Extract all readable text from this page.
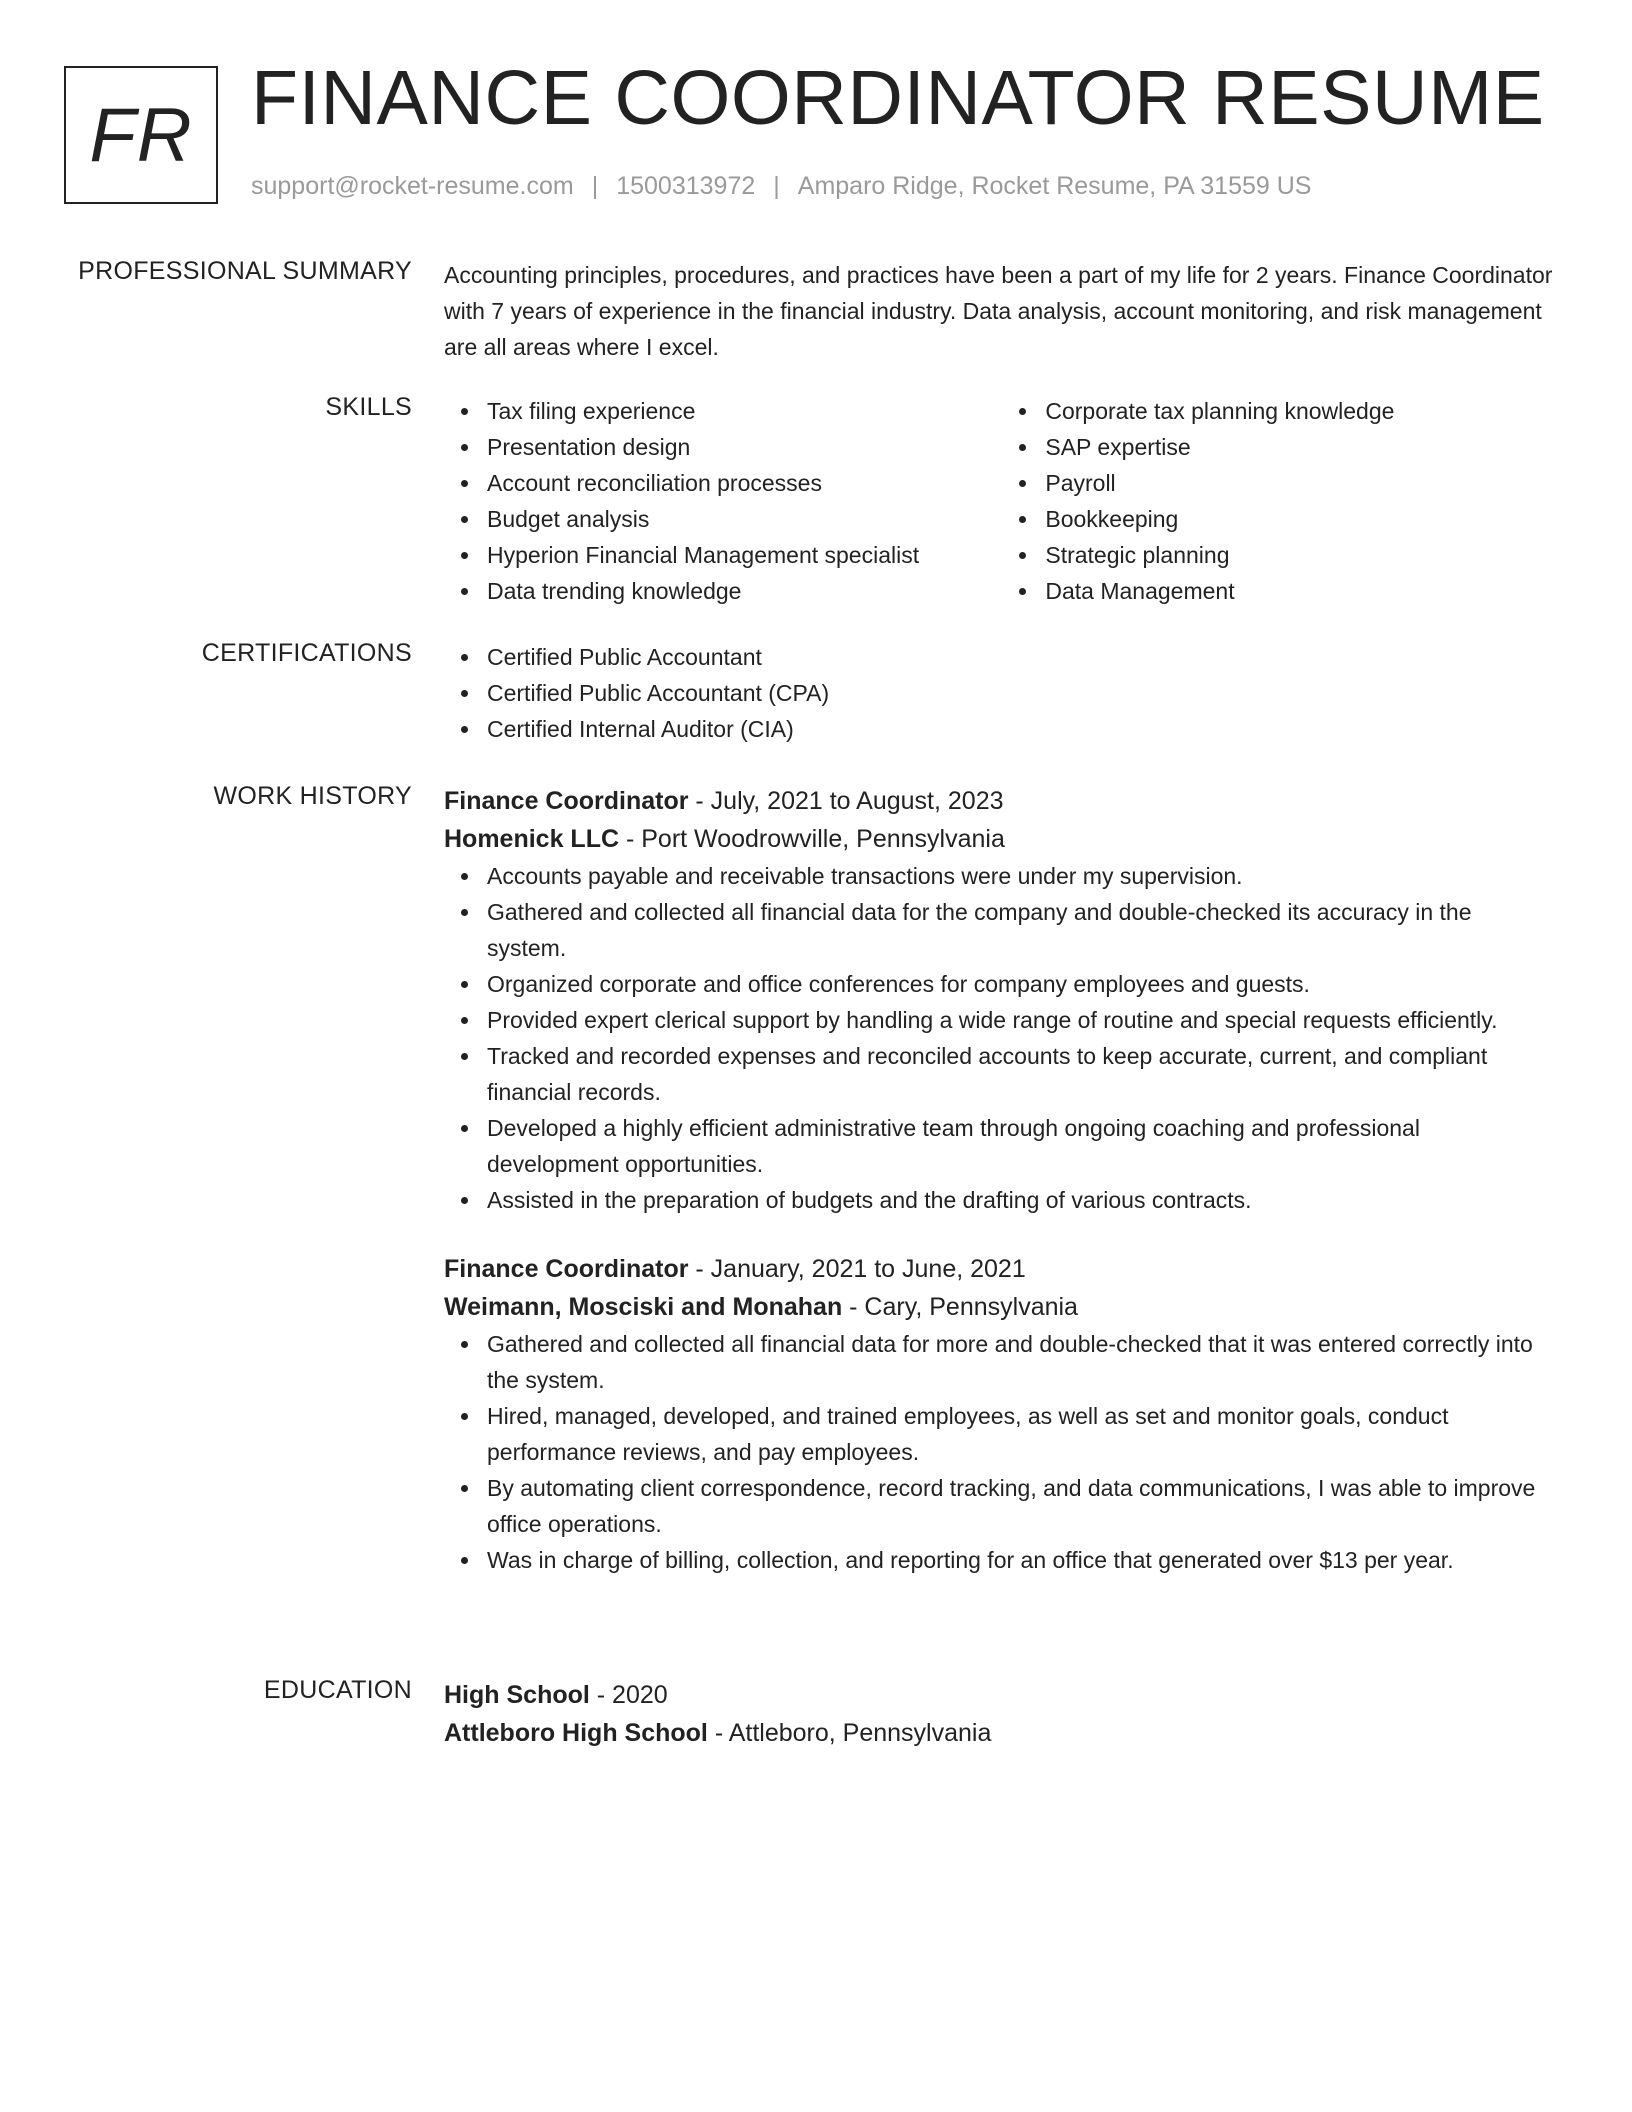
FR FINANCE COORDINATOR RESUME
support@rocket-resume.com | 1500313972 | Amparo Ridge, Rocket Resume, PA 31559 US
PROFESSIONAL SUMMARY Accounting principles, procedures, and practices have been a part of my life for 2 years. Finance Coordinator with 7 years of experience in the financial industry. Data analysis, account monitoring, and risk management are all areas where I excel.
SKILLS	Tax filing experience
Presentation design
Account reconciliation processes
Budget analysis
Hyperion Financial Management specialist
Data trending knowledge
Corporate tax planning knowledge
SAP expertise
Payroll
Bookkeeping
Strategic planning
Data Management
CERTIFICATIONS	Certified Public Accountant
Certified Public Accountant (CPA)
Certified Internal Auditor (CIA)
WORK HISTORY Finance Coordinator - July, 2021 to August, 2023
Homenick LLC - Port Woodrowville, Pennsylvania
Accounts payable and receivable transactions were under my supervision.
Gathered and collected all financial data for the company and double-checked its accuracy in the system.
Organized corporate and office conferences for company employees and guests.
Provided expert clerical support by handling a wide range of routine and special requests efficiently.
Tracked and recorded expenses and reconciled accounts to keep accurate, current, and compliant financial records.
Developed a highly efficient administrative team through ongoing coaching and professional development opportunities.
Assisted in the preparation of budgets and the drafting of various contracts.
Finance Coordinator - January, 2021 to June, 2021
Weimann, Mosciski and Monahan - Cary, Pennsylvania
Gathered and collected all financial data for more and double-checked that it was entered correctly into the system.
Hired, managed, developed, and trained employees, as well as set and monitor goals, conduct performance reviews, and pay employees.
By automating client correspondence, record tracking, and data communications, I was able to improve office operations.
Was in charge of billing, collection, and reporting for an office that generated over $13 per year.
EDUCATION High School - 2020
Attleboro High School - Attleboro, Pennsylvania
